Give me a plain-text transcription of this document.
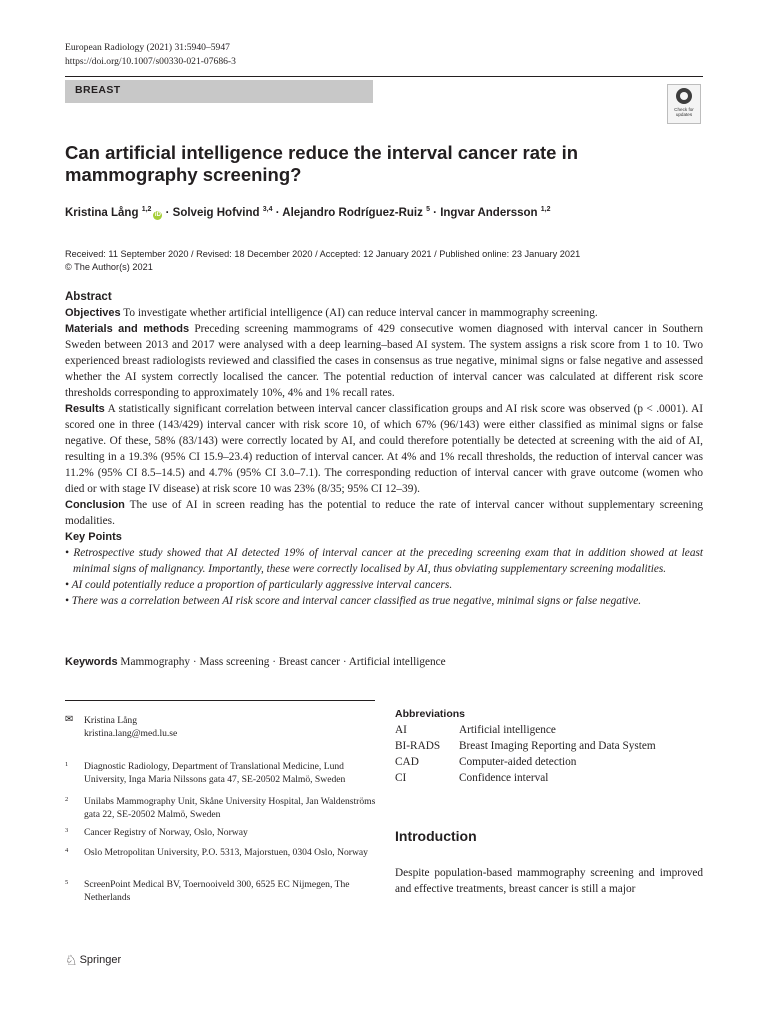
European Radiology (2021) 31:5940–5947
https://doi.org/10.1007/s00330-021-07686-3
BREAST
Check for updates
Can artificial intelligence reduce the interval cancer rate in mammography screening?
Kristina Lång $^{1,2}$iD · Solveig Hofvind $^{3,4}$ · Alejandro Rodríguez-Ruiz $^5$ · Ingvar Andersson $^{1,2}$
Received: 11 September 2020 / Revised: 18 December 2020 / Accepted: 12 January 2021 / Published online: 23 January 2021
© The Author(s) 2021
Abstract

Objectives To investigate whether artificial intelligence (AI) can reduce interval cancer in mammography screening.

Materials and methods Preceding screening mammograms of 429 consecutive women diagnosed with interval cancer in Southern Sweden between 2013 and 2017 were analysed with a deep learning–based AI system. The system assigns a risk score from 1 to 10. Two experienced breast radiologists reviewed and classified the cases in consensus as true negative, minimal signs or false negative and assessed whether the AI system correctly localised the cancer. The potential reduction of interval cancer was calculated at different risk score thresholds corresponding to approximately 10%, 4% and 1% recall rates.

Results A statistically significant correlation between interval cancer classification groups and AI risk score was observed (p < .0001). AI scored one in three (143/429) interval cancer with risk score 10, of which 67% (96/143) were either classified as minimal signs or false negative. Of these, 58% (83/143) were correctly located by AI, and could therefore potentially be detected at screening with the aid of AI, resulting in a 19.3% (95% CI 15.9–23.4) reduction of interval cancer. At 4% and 1% recall thresholds, the reduction of interval cancer was 11.2% (95% CI 8.5–14.5) and 4.7% (95% CI 3.0–7.1). The corresponding reduction of interval cancer with grave outcome (women who died or with stage IV disease) at risk score 10 was 23% (8/35; 95% CI 12–39).

Conclusion The use of AI in screen reading has the potential to reduce the rate of interval cancer without supplementary screening modalities.

Key Points

• Retrospective study showed that AI detected 19% of interval cancer at the preceding screening exam that in addition showed at least minimal signs of malignancy. Importantly, these were correctly localised by AI, thus obviating supplementary screening modalities.

• AI could potentially reduce a proportion of particularly aggressive interval cancers.

• There was a correlation between AI risk score and interval cancer classified as true negative, minimal signs or false negative.

Keywords Mammography · Mass screening · Breast cancer · Artificial intelligence
✉ Kristina Lång
kristina.lang@med.lu.se
1 Diagnostic Radiology, Department of Translational Medicine, Lund University, Inga Maria Nilssons gata 47, SE-20502 Malmö, Sweden
2 Unilabs Mammography Unit, Skåne University Hospital, Jan Waldenströms gata 22, SE-20502 Malmö, Sweden
3 Cancer Registry of Norway, Oslo, Norway
4 Oslo Metropolitan University, P.O. 5313, Majorstuen, 0304 Oslo, Norway
5 ScreenPoint Medical BV, Toernooiveld 300, 6525 EC Nijmegen, The Netherlands
Abbreviations
AI	Artificial intelligence
BI-RADS	Breast Imaging Reporting and Data System
CAD	Computer-aided detection
CI	Confidence interval
Introduction
Despite population-based mammography screening and improved and effective treatments, breast cancer is still a major
♘ Springer
